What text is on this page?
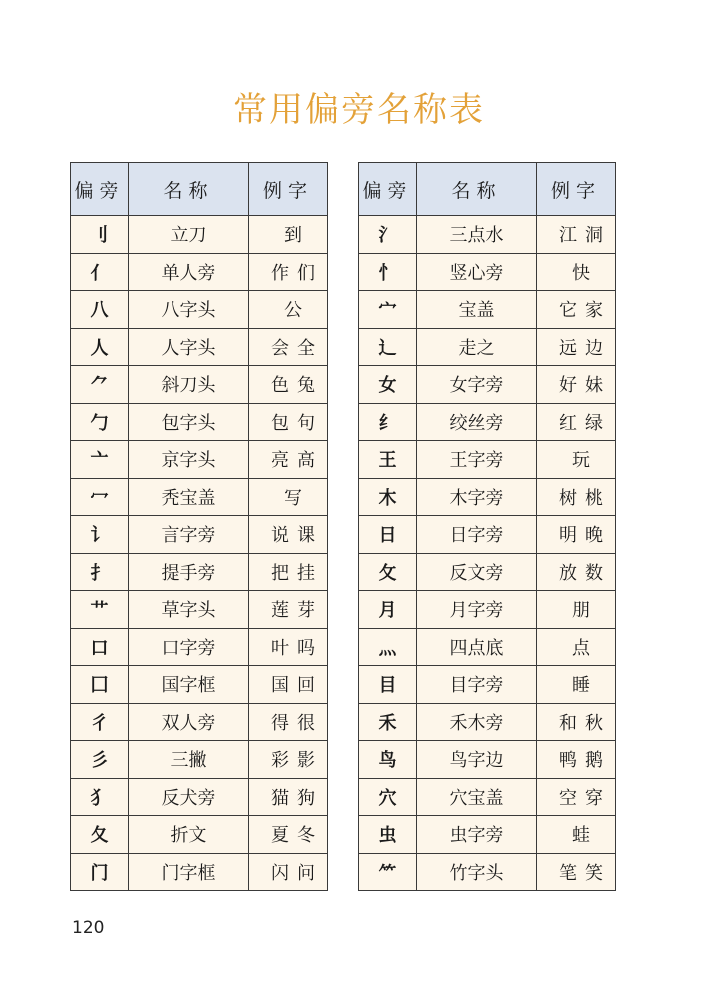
常用偏旁名称表
偏旁	名称	例字
刂	立刀	到
亻	单人旁	作们
八	八字头	公
人	人字头	会全
⺈	斜刀头	色兔
勹	包字头	包句
亠	京字头	亮高
冖	秃宝盖	写
讠	言字旁	说课
扌	提手旁	把挂
艹	草字头	莲芽
口	口字旁	叶吗
囗	国字框	国回
彳	双人旁	得很
彡	三撇	彩影
犭	反犬旁	猫狗
夂	折文	夏冬
门	门字框	闪问
偏旁	名称	例字
氵	三点水	江洞
忄	竖心旁	快
宀	宝盖	它家
辶	走之	远边
女	女字旁	好妹
纟	绞丝旁	红绿
王	王字旁	玩
木	木字旁	树桃
日	日字旁	明晚
攵	反文旁	放数
月	月字旁	朋
灬	四点底	点
目	目字旁	睡
禾	禾木旁	和秋
鸟	鸟字边	鸭鹅
穴	穴宝盖	空穿
虫	虫字旁	蛙
⺮	竹字头	笔笑
120
